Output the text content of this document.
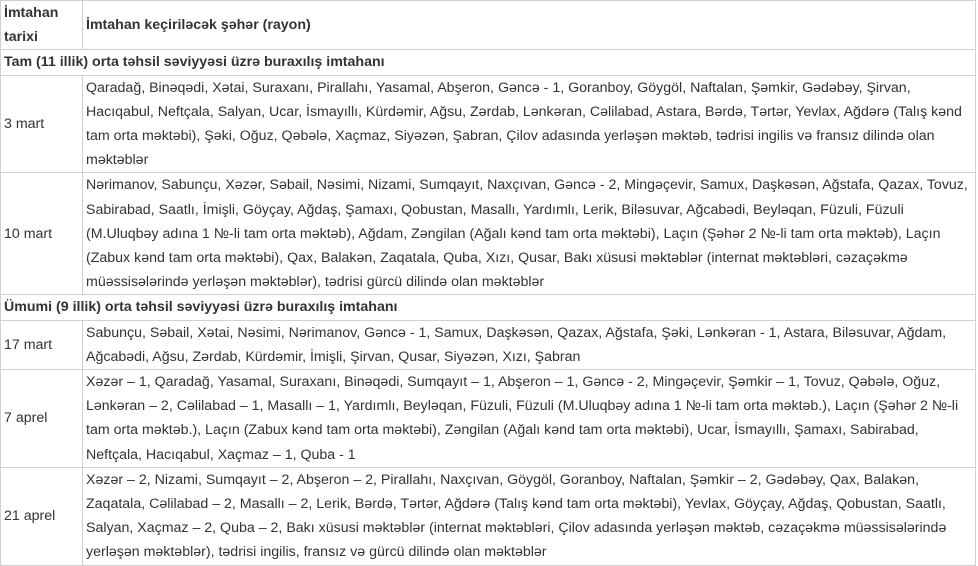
İmtahan tarixi	İmtahan keçiriləcək şəhər (rayon)
Tam (11 illik) orta təhsil səviyyəsi üzrə buraxılış imtahanı	
3 mart	Qaradağ, Binəqədi, Xətai, Suraxanı, Pirallahı, Yasamal, Abşeron, Gəncə - 1, Goranboy, Göygöl, Naftalan, Şəmkir, Gədəbəy, Şirvan, Hacıqabul, Neftçala, Salyan, Ucar, İsmayıllı, Kürdəmir, Ağsu, Zərdab, Lənkəran, Cəlilabad, Astara, Bərdə, Tərtər, Yevlax, Ağdərə (Talış kənd tam orta məktəbi), Şəki, Oğuz, Qəbələ, Xaçmaz, Siyəzən, Şabran, Çilov adasında yerləşən məktəb, tədrisi ingilis və fransız dilində olan məktəblər
10 mart	Nərimanov, Sabunçu, Xəzər, Səbail, Nəsimi, Nizami, Sumqayıt, Naxçıvan, Gəncə - 2, Mingəçevir, Samux, Daşkəsən, Ağstafa, Qazax, Tovuz, Sabirabad, Saatlı, İmişli, Göyçay, Ağdaş, Şamaxı, Qobustan, Masallı, Yardımlı, Lerik, Biləsuvar, Ağcabədi, Beyləqan, Füzuli, Füzuli (M.Uluqbəy adına 1 №-li tam orta məktəb), Ağdam, Zəngilan (Ağalı kənd tam orta məktəbi), Laçın (Şəhər 2 №-li tam orta məktəb), Laçın (Zabux kənd tam orta məktəbi), Qax, Balakən, Zaqatala, Quba, Xızı, Qusar, Bakı xüsusi məktəblər (internat məktəbləri, cəzaçəkmə müəssisələrində yerləşən məktəblər), tədrisi gürcü dilində olan məktəblər
Ümumi (9 illik) orta təhsil səviyyəsi üzrə buraxılış imtahanı	
17 mart	Sabunçu, Səbail, Xətai, Nəsimi, Nərimanov, Gəncə - 1, Samux, Daşkəsən, Qazax, Ağstafa, Şəki, Lənkəran - 1, Astara, Biləsuvar, Ağdam, Ağcabədi, Ağsu, Zərdab, Kürdəmir, İmişli, Şirvan, Qusar, Siyəzən, Xızı, Şabran
7 aprel	Xəzər – 1, Qaradağ, Yasamal, Suraxanı, Binəqədi, Sumqayıt – 1, Abşeron – 1, Gəncə - 2, Mingəçevir, Şəmkir – 1, Tovuz, Qəbələ, Oğuz, Lənkəran – 2, Cəlilabad – 1, Masallı – 1, Yardımlı, Beyləqan, Füzuli, Füzuli (M.Uluqbəy adına 1 №-li tam orta məktəb.), Laçın (Şəhər 2 №-li tam orta məktəb.), Laçın (Zabux kənd tam orta məktəbi), Zəngilan (Ağalı kənd tam orta məktəbi), Ucar, İsmayıllı, Şamaxı, Sabirabad, Neftçala, Hacıqabul, Xaçmaz – 1, Quba - 1
21 aprel	Xəzər – 2, Nizami, Sumqayıt – 2, Abşeron – 2, Pirallahı, Naxçıvan, Göygöl, Goranboy, Naftalan, Şəmkir – 2, Gədəbəy, Qax, Balakən, Zaqatala, Cəlilabad – 2, Masallı – 2, Lerik, Bərdə, Tərtər, Ağdərə (Talış kənd tam orta məktəbi), Yevlax, Göyçay, Ağdaş, Qobustan, Saatlı, Salyan, Xaçmaz – 2, Quba – 2, Bakı xüsusi məktəblər (internat məktəbləri, Çilov adasında yerləşən məktəb, cəzaçəkmə müəssisələrində yerləşən məktəblər), tədrisi ingilis, fransız və gürcü dilində olan məktəblər
